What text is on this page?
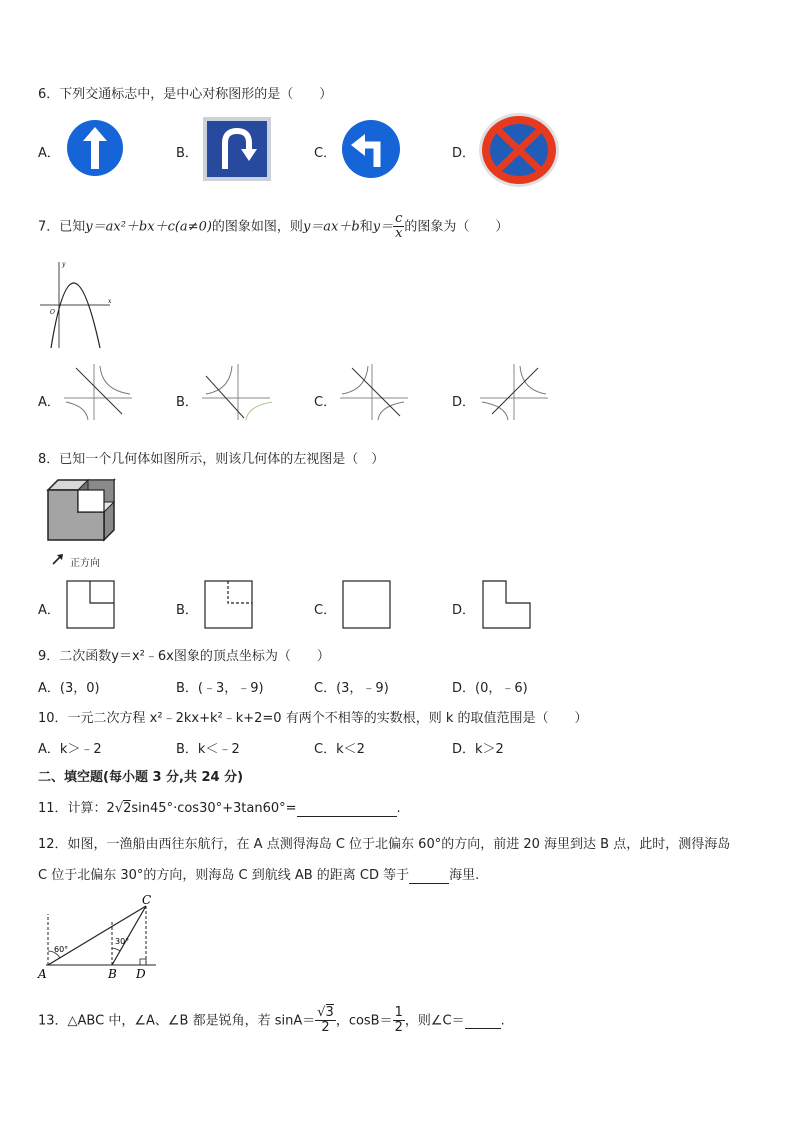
6．下列交通标志中，是中心对称图形的是（　　）
A．	B．	C．	D．
7．已知y＝ax²＋bx＋c(a≠0)的图象如图，则y＝ax＋b和$y= \frac{c}{x}$ 的图象为（　　）
y
x
O
A．	B．	C．	D．
8．已知一个几何体如图所示，则该几何体的左视图是（　）
正方向
A．	B．	C．	D．
9．二次函数y＝x²﹣6x图象的顶点坐标为（　　）
A．(3，0)	B．(﹣3，﹣9)	C．(3，﹣9)	D．(0，﹣6)
10．一元二次方程 x²﹣2kx+k²﹣k+2=0 有两个不相等的实数根，则 k 的取值范围是（　　）
A．k＞﹣2	B．k＜﹣2	C．k＜2	D．k＞2
二、填空题(每小题 3 分,共 24 分)
11．计算：2√2sin45°·cos30°+3tan60°=	.
12．如图，一渔船由西往东航行，在 A 点测得海岛 C 位于北偏东 60°的方向，前进 20 海里到达 B 点，此时，测得海岛
C 位于北偏东 30°的方向，则海岛 C 到航线 AB 的距离 CD 等于	海里.
60°
30°
A	B
C
D
13．△ABC 中，∠A、∠B 都是锐角，若 $\sin A= \frac{√3}{2}$ ，$\cos B= \frac{1}{2}$ ，则∠C＝	.
